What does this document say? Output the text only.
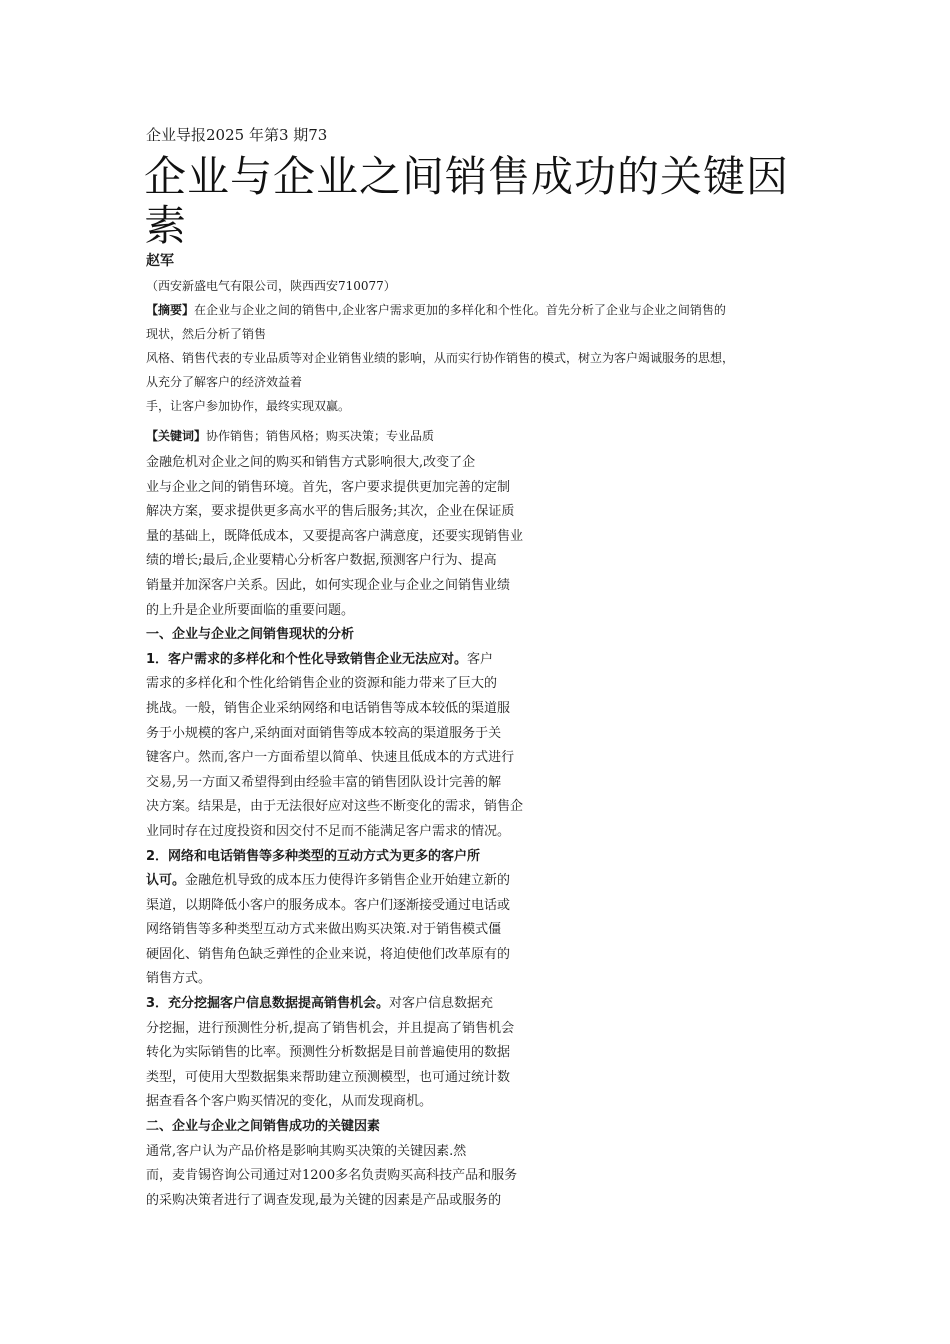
企业导报2025 年第3 期73
企业与企业之间销售成功的关键因素
赵军
（西安新盛电气有限公司，陕西西安710077）
【摘要】在企业与企业之间的销售中,企业客户需求更加的多样化和个性化。首先分析了企业与企业之间销售的
现状，然后分析了销售
风格、销售代表的专业品质等对企业销售业绩的影响，从而实行协作销售的模式，树立为客户竭诚服务的思想，
从充分了解客户的经济效益着
手，让客户参加协作，最终实现双赢。
【关键词】协作销售；销售风格；购买决策；专业品质
金融危机对企业之间的购买和销售方式影响很大,改变了企
业与企业之间的销售环境。首先，客户要求提供更加完善的定制
解决方案，要求提供更多高水平的售后服务;其次，企业在保证质
量的基础上，既降低成本，又要提高客户满意度，还要实现销售业
绩的增长;最后,企业要精心分析客户数据,预测客户行为、提高
销量并加深客户关系。因此，如何实现企业与企业之间销售业绩
的上升是企业所要面临的重要问题。
一、企业与企业之间销售现状的分析
1．客户需求的多样化和个性化导致销售企业无法应对。客户
需求的多样化和个性化给销售企业的资源和能力带来了巨大的
挑战。一般，销售企业采纳网络和电话销售等成本较低的渠道服
务于小规模的客户,采纳面对面销售等成本较高的渠道服务于关
键客户。然而,客户一方面希望以简单、快速且低成本的方式进行
交易,另一方面又希望得到由经验丰富的销售团队设计完善的解
决方案。结果是，由于无法很好应对这些不断变化的需求，销售企
业同时存在过度投资和因交付不足而不能满足客户需求的情况。
2．网络和电话销售等多种类型的互动方式为更多的客户所
认可。金融危机导致的成本压力使得许多销售企业开始建立新的
渠道，以期降低小客户的服务成本。客户们逐渐接受通过电话或
网络销售等多种类型互动方式来做出购买决策.对于销售模式僵
硬固化、销售角色缺乏弹性的企业来说，将迫使他们改革原有的
销售方式。
3．充分挖掘客户信息数据提高销售机会。对客户信息数据充
分挖掘，进行预测性分析,提高了销售机会，并且提高了销售机会
转化为实际销售的比率。预测性分析数据是目前普遍使用的数据
类型，可使用大型数据集来帮助建立预测模型，也可通过统计数
据查看各个客户购买情况的变化，从而发现商机。
二、企业与企业之间销售成功的关键因素
通常,客户认为产品价格是影响其购买决策的关键因素.然
而，麦肯锡咨询公司通过对1200多名负责购买高科技产品和服务
的采购决策者进行了调查发现,最为关键的因素是产品或服务的
